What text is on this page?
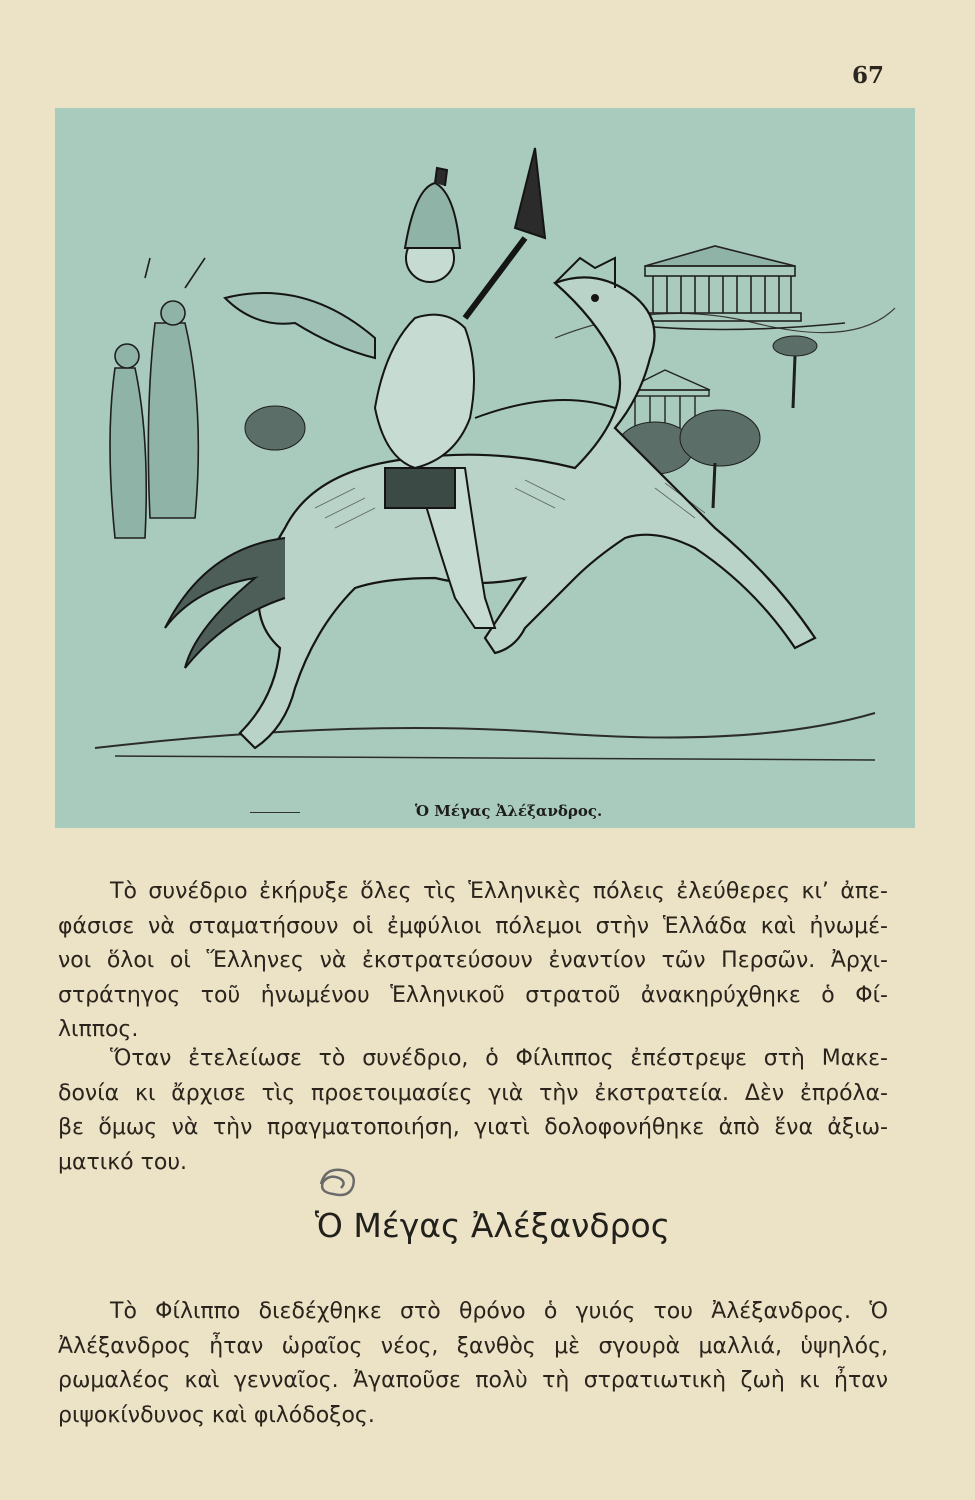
67
Ὁ Μέγας Ἀλέξανδρος.
Τὸ συνέδριο ἐκήρυξε ὅλες τὶς Ἑλληνικὲς πόλεις ἐλεύθερες κι’ ἀπε-
φάσισε νὰ σταματήσουν οἱ ἐμφύλιοι πόλεμοι στὴν Ἑλλάδα καὶ ἠνωμέ-
νοι ὅλοι οἱ Ἕλληνες νὰ ἐκστρατεύσουν ἐναντίον τῶν Περσῶν. Ἀρχι-
στράτηγος τοῦ ἡνωμένου Ἑλληνικοῦ στρατοῦ ἀνακηρύχθηκε ὁ Φί-
λιππος.
Ὅταν ἐτελείωσε τὸ συνέδριο, ὁ Φίλιππος ἐπέστρεψε στὴ Μακε-
δονία κι ἄρχισε τὶς προετοιμασίες γιὰ τὴν ἐκστρατεία. Δὲν ἐπρόλα-
βε ὅμως νὰ τὴν πραγματοποιήση, γιατὶ δολοφονήθηκε ἀπὸ ἕνα ἀξιω-
ματικό του.
Ὁ Μέγας Ἀλέξανδρος
Τὸ Φίλιππο διεδέχθηκε στὸ θρόνο ὁ γυιός του Ἀλέξανδρος. Ὁ
Ἀλέξανδρος ἦταν ὡραῖος νέος, ξανθὸς μὲ σγουρὰ μαλλιά, ὑψηλός,
ρωμαλέος καὶ γενναῖος. Ἀγαποῦσε πολὺ τὴ στρατιωτικὴ ζωὴ κι ἦταν
ριψοκίνδυνος καὶ φιλόδοξος.
